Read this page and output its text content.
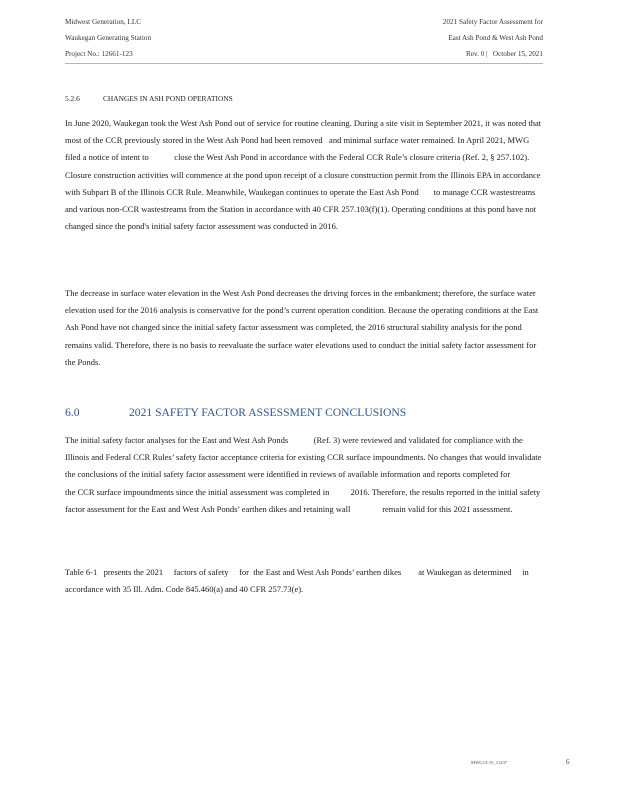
Midwest Generation, LLC
Waukegan Generating Station
Project No.: 12661-123
2021 Safety Factor Assessment for
East Ash Pond & West Ash Pond
Rev. 0 |   October 15, 2021
5.2.6	CHANGES IN ASH POND OPERATIONS

In June 2020, Waukegan took the West Ash Pond out of service for routine cleaning. During a site visit in September 2021, it was noted that most of the CCR previously stored in the West Ash Pond had been removed   and minimal surface water remained. In April 2021, MWG filed a notice of intent to            close the West Ash Pond in accordance with the Federal CCR Rule’s closure criteria (Ref. 2, § 257.102). Closure construction activities will commence at the pond upon receipt of a closure construction permit from the Illinois EPA in accordance with Subpart B of the Illinois CCR Rule. Meanwhile, Waukegan continues to operate the East Ash Pond       to manage CCR wastestreams and various non-CCR wastestreams from the Station in accordance with 40 CFR 257.103(f)(1). Operating conditions at this pond have not changed since the pond's initial safety factor assessment was conducted in 2016.

The decrease in surface water elevation in the West Ash Pond decreases the driving forces in the embankment; therefore, the surface water elevation used for the 2016 analysis is conservative for the pond’s current operation condition. Because the operating conditions at the East Ash Pond have not changed since the initial safety factor assessment was completed, the 2016 structural stability analysis for the pond remains valid. Therefore, there is no basis to reevaluate the surface water elevations used to conduct the initial safety factor assessment for the Ponds.

6.0	2021 SAFETY FACTOR ASSESSMENT CONCLUSIONS

The initial safety factor analyses for the East and West Ash Ponds            (Ref. 3) were reviewed and validated for compliance with the Illinois and Federal CCR Rules’ safety factor acceptance criteria for existing CCR surface impoundments. No changes that would invalidate the conclusions of the initial safety factor assessment were identified in reviews of available information and reports completed for                 the CCR surface impoundments since the initial assessment was completed in          2016. Therefore, the results reported in the initial safety factor assessment for the East and West Ash Ponds’ earthen dikes and retaining wall               remain valid for this 2021 assessment.

Table 6-1   presents the 2021     factors of safety     for  the East and West Ash Ponds’ earthen dikes        at Waukegan as determined     in accordance with 35 Ill. Adm. Code 845.460(a) and 40 CFR 257.73(e).

MWG13-15_11237	6
